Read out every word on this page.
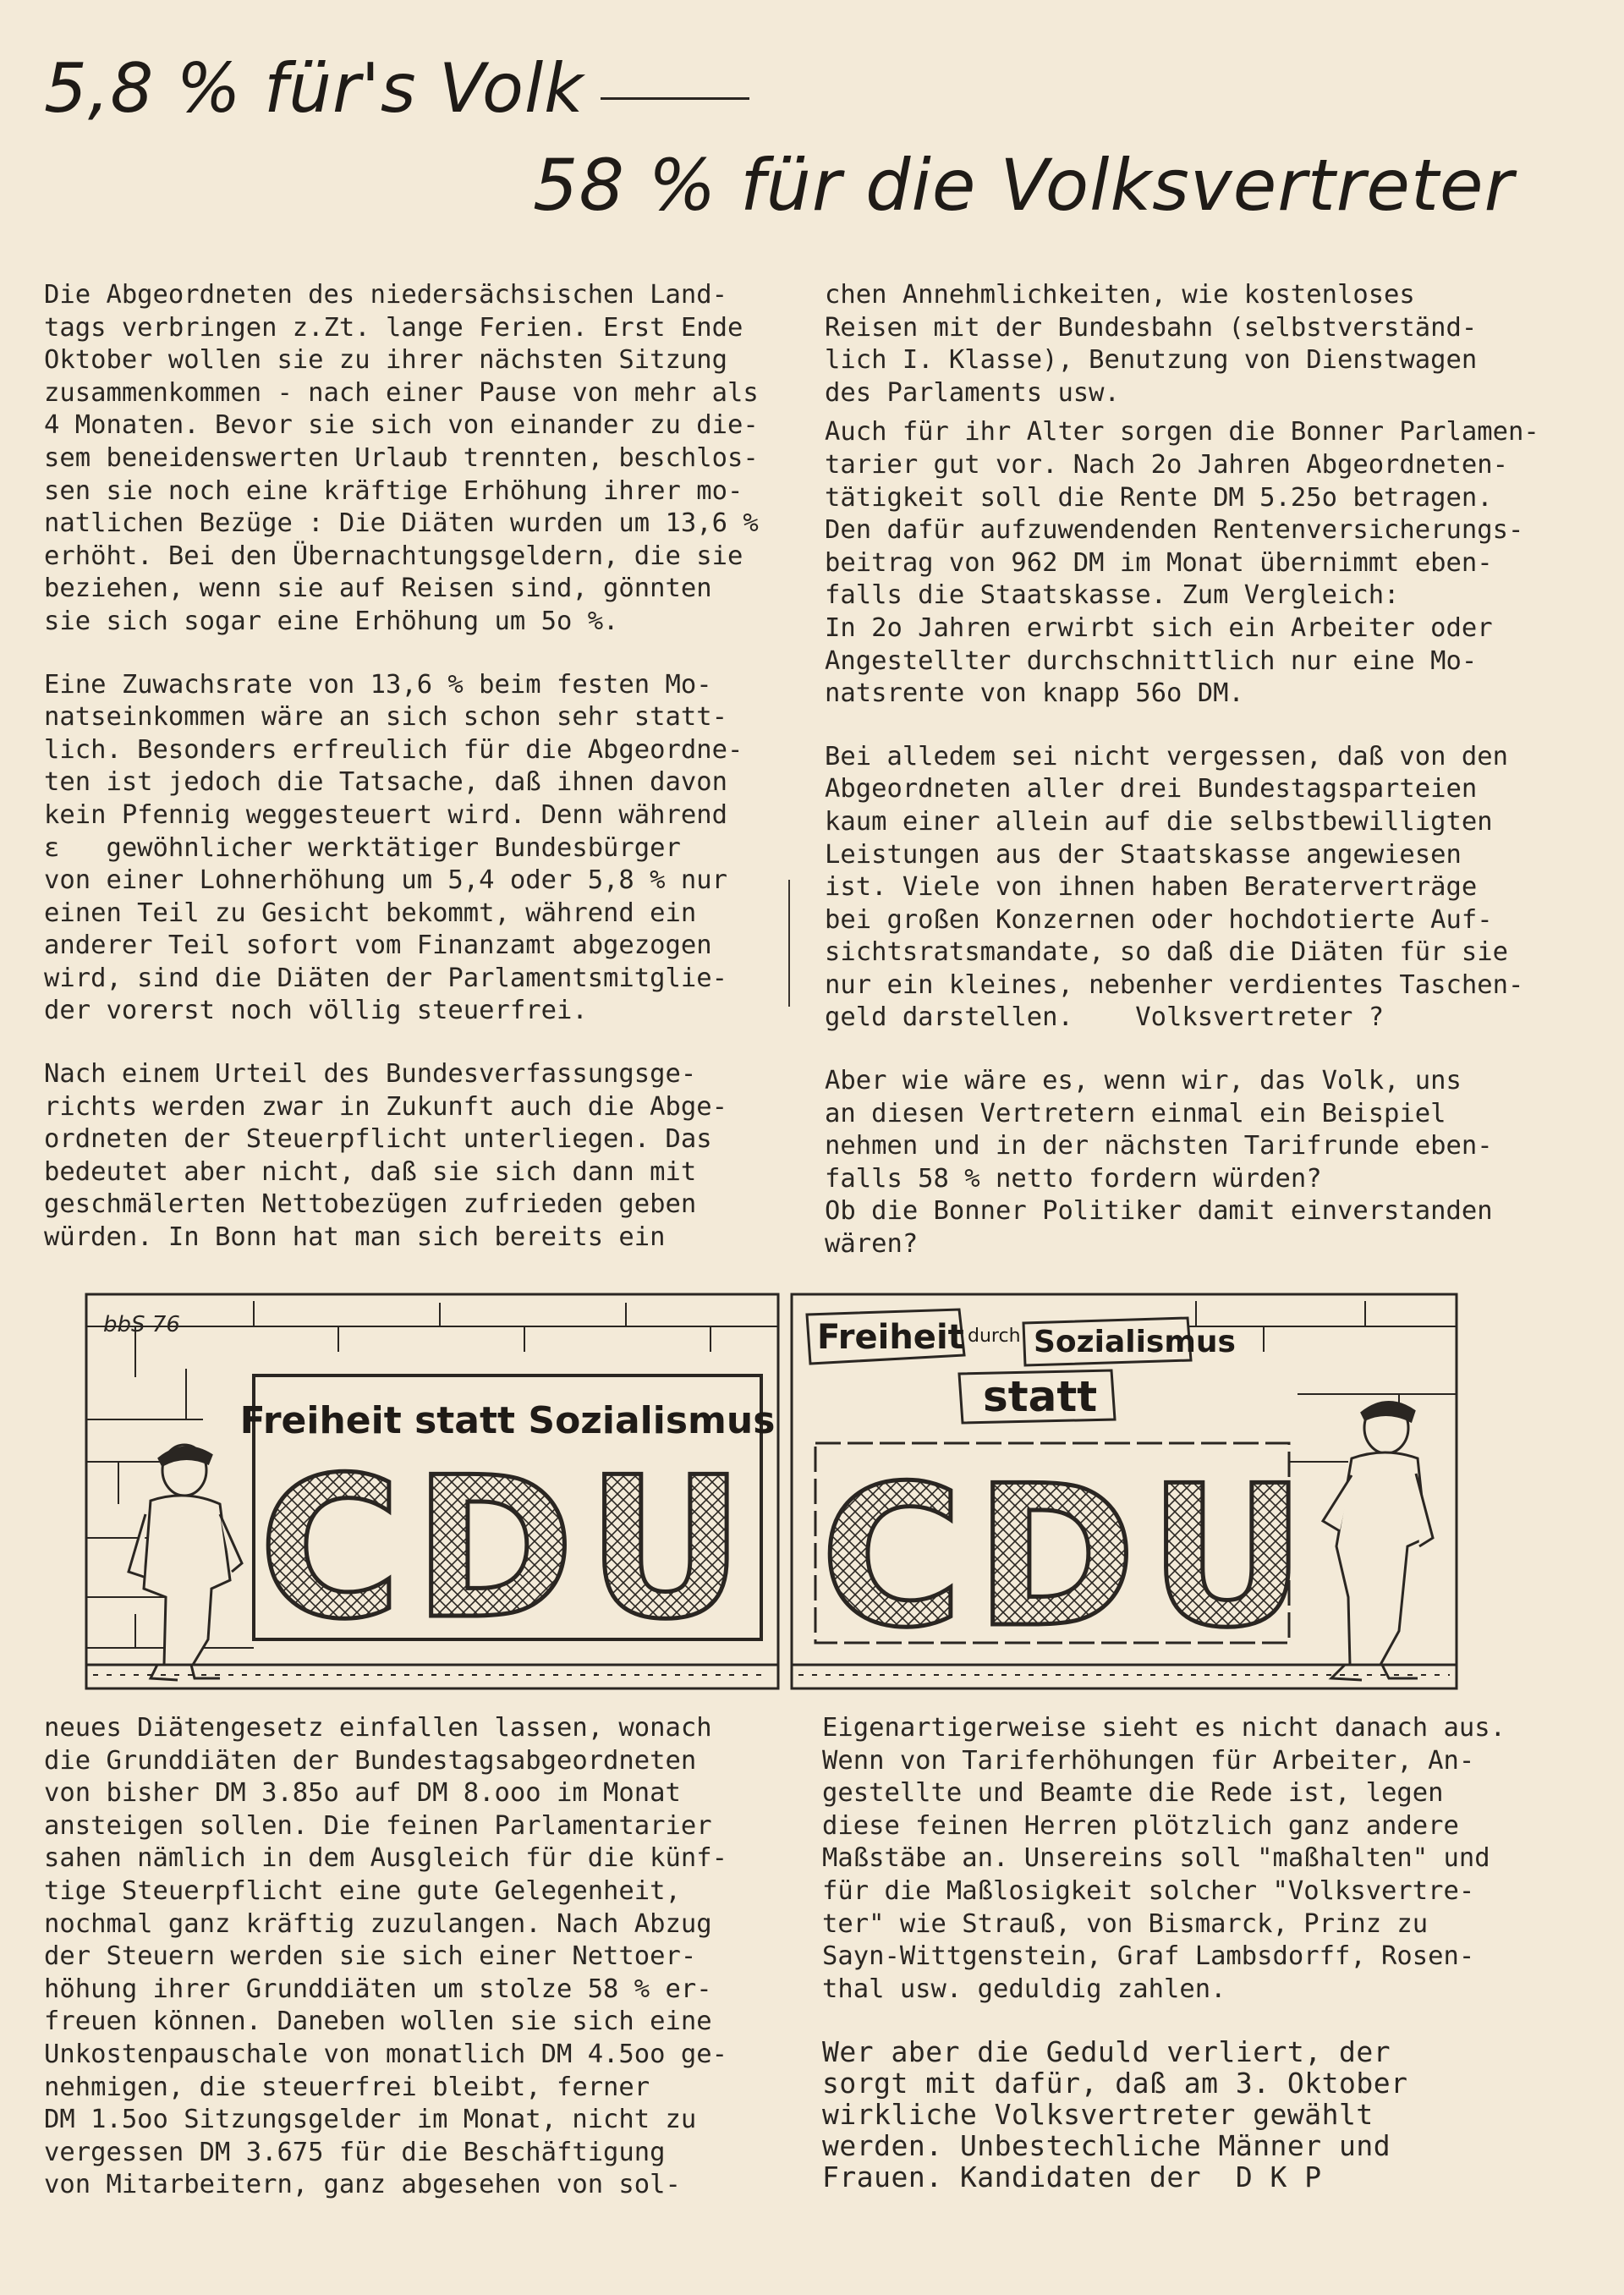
5,8 % für's Volk
58 % für die Volksvertreter

Die Abgeordneten des niedersächsischen Land-
tags verbringen z.Zt. lange Ferien. Erst Ende
Oktober wollen sie zu ihrer nächsten Sitzung
zusammenkommen - nach einer Pause von mehr als
4 Monaten. Bevor sie sich von einander zu die-
sem beneidenswerten Urlaub trennten, beschlos-
sen sie noch eine kräftige Erhöhung ihrer mo-
natlichen Bezüge : Die Diäten wurden um 13,6 %
erhöht. Bei den Übernachtungsgeldern, die sie
beziehen, wenn sie auf Reisen sind, gönnten
sie sich sogar eine Erhöhung um 5o %.

Eine Zuwachsrate von 13,6 % beim festen Mo-
natseinkommen wäre an sich schon sehr statt-
lich. Besonders erfreulich für die Abgeordne-
ten ist jedoch die Tatsache, daß ihnen davon
kein Pfennig weggesteuert wird. Denn während
ε   gewöhnlicher werktätiger Bundesbürger
von einer Lohnerhöhung um 5,4 oder 5,8 % nur
einen Teil zu Gesicht bekommt, während ein
anderer Teil sofort vom Finanzamt abgezogen
wird, sind die Diäten der Parlamentsmitglie-
der vorerst noch völlig steuerfrei.

Nach einem Urteil des Bundesverfassungsge-
richts werden zwar in Zukunft auch die Abge-
ordneten der Steuerpflicht unterliegen. Das
bedeutet aber nicht, daß sie sich dann mit
geschmälerten Nettobezügen zufrieden geben
würden. In Bonn hat man sich bereits ein

chen Annehmlichkeiten, wie kostenloses
Reisen mit der Bundesbahn (selbstverständ-
lich I. Klasse), Benutzung von Dienstwagen
des Parlaments usw.

Auch für ihr Alter sorgen die Bonner Parlamen-
tarier gut vor. Nach 2o Jahren Abgeordneten-
tätigkeit soll die Rente DM 5.25o betragen.
Den dafür aufzuwendenden Rentenversicherungs-
beitrag von 962 DM im Monat übernimmt eben-
falls die Staatskasse. Zum Vergleich:
In 2o Jahren erwirbt sich ein Arbeiter oder
Angestellter durchschnittlich nur eine Mo-
natsrente von knapp 56o DM.

Bei alledem sei nicht vergessen, daß von den
Abgeordneten aller drei Bundestagsparteien
kaum einer allein auf die selbstbewilligten
Leistungen aus der Staatskasse angewiesen
ist. Viele von ihnen haben Beraterverträge
bei großen Konzernen oder hochdotierte Auf-
sichtsratsmandate, so daß die Diäten für sie
nur ein kleines, nebenher verdientes Taschen-
geld darstellen.    Volksvertreter ?

Aber wie wäre es, wenn wir, das Volk, uns
an diesen Vertretern einmal ein Beispiel
nehmen und in der nächsten Tarifrunde eben-
falls 58 % netto fordern würden?
Ob die Bonner Politiker damit einverstanden
wären?

bbS 76
Freiheit statt Sozialismus
CDU
Freiheit durch Sozialismus
statt
CDU

neues Diätengesetz einfallen lassen, wonach
die Grunddiäten der Bundestagsabgeordneten
von bisher DM 3.85o auf DM 8.ooo im Monat
ansteigen sollen. Die feinen Parlamentarier
sahen nämlich in dem Ausgleich für die künf-
tige Steuerpflicht eine gute Gelegenheit,
nochmal ganz kräftig zuzulangen. Nach Abzug
der Steuern werden sie sich einer Nettoer-
höhung ihrer Grunddiäten um stolze 58 % er-
freuen können. Daneben wollen sie sich eine
Unkostenpauschale von monatlich DM 4.5oo ge-
nehmigen, die steuerfrei bleibt, ferner
DM 1.5oo Sitzungsgelder im Monat, nicht zu
vergessen DM 3.675 für die Beschäftigung
von Mitarbeitern, ganz abgesehen von sol-

Eigenartigerweise sieht es nicht danach aus.
Wenn von Tariferhöhungen für Arbeiter, An-
gestellte und Beamte die Rede ist, legen
diese feinen Herren plötzlich ganz andere
Maßstäbe an. Unsereins soll "maßhalten" und
für die Maßlosigkeit solcher "Volksvertre-
ter" wie Strauß, von Bismarck, Prinz zu
Sayn-Wittgenstein, Graf Lambsdorff, Rosen-
thal usw. geduldig zahlen.

Wer aber die Geduld verliert, der
sorgt mit dafür, daß am 3. Oktober
wirkliche Volksvertreter gewählt
werden. Unbestechliche Männer und
Frauen. Kandidaten der  D K P
